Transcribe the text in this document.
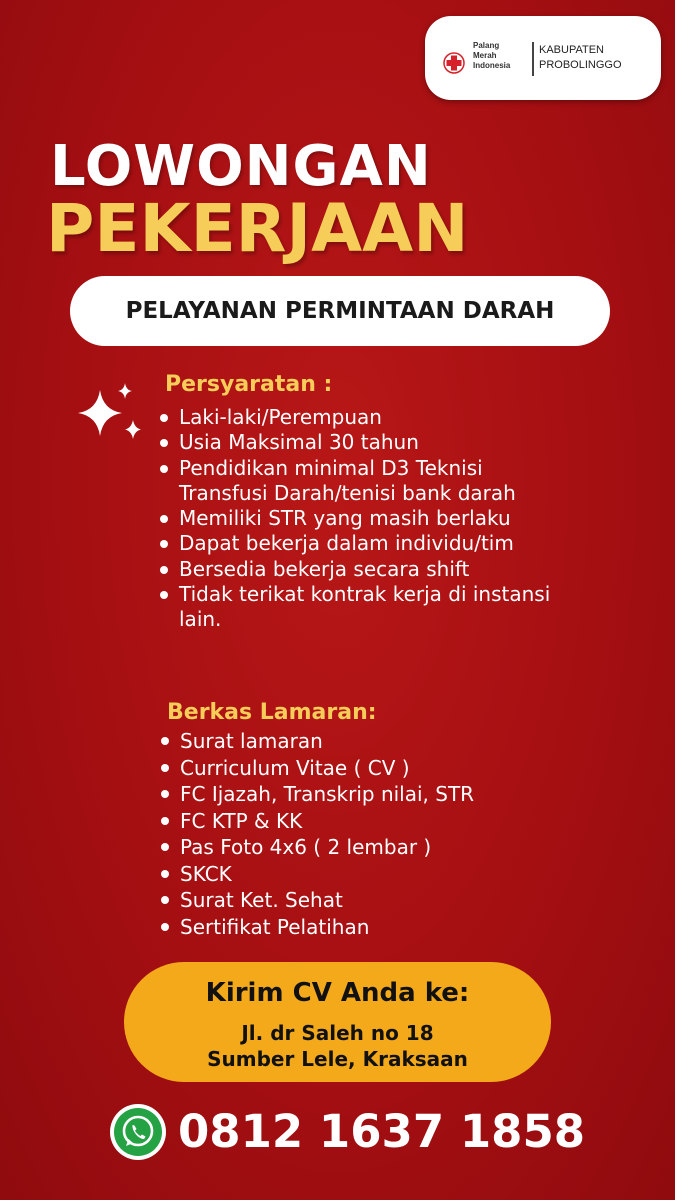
Palang
Merah
Indonesia
KABUPATEN
PROBOLINGGO
LOWONGAN
PEKERJAAN
PELAYANAN PERMINTAAN DARAH
Persyaratan :
Laki-laki/Perempuan
Usia Maksimal 30 tahun
Pendidikan minimal D3 Teknisi Transfusi Darah/tenisi bank darah
Memiliki STR yang masih berlaku
Dapat bekerja dalam individu/tim
Bersedia bekerja secara shift
Tidak terikat kontrak kerja di instansi lain.
Berkas Lamaran:
Surat lamaran
Curriculum Vitae ( CV )
FC Ijazah, Transkrip nilai, STR
FC KTP & KK
Pas Foto 4x6 ( 2 lembar )
SKCK
Surat Ket. Sehat
Sertifikat Pelatihan
Kirim CV Anda ke:
Jl. dr Saleh no 18
Sumber Lele, Kraksaan
0812 1637 1858
